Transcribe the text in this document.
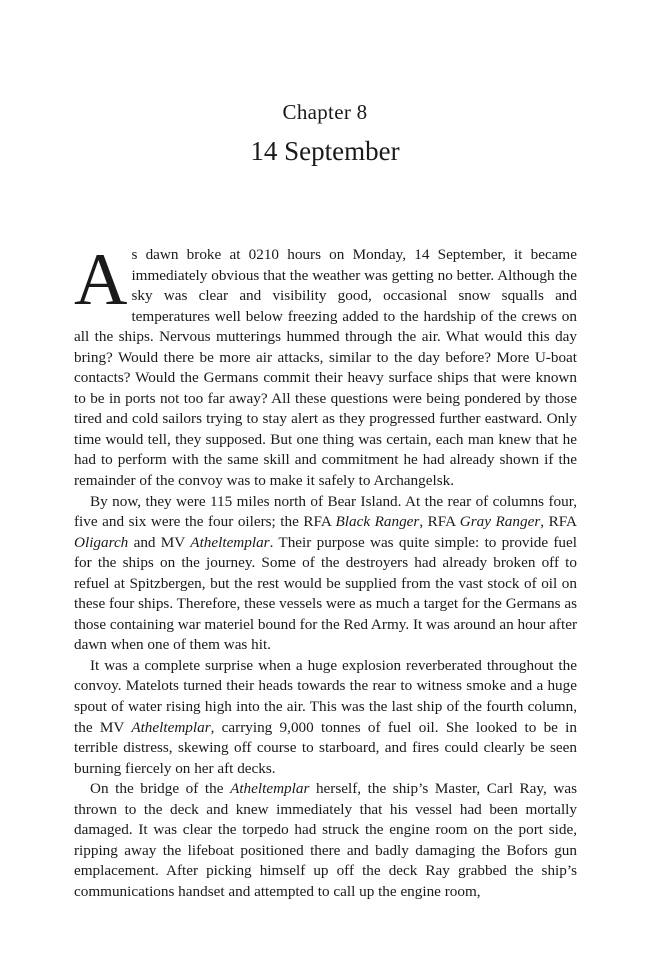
Chapter 8
14 September

As dawn broke at 0210 hours on Monday, 14 September, it became immediately obvious that the weather was getting no better. Although the sky was clear and visibility good, occasional snow squalls and temperatures well below freezing added to the hardship of the crews on all the ships. Nervous mutterings hummed through the air. What would this day bring? Would there be more air attacks, similar to the day before? More U-boat contacts? Would the Germans commit their heavy surface ships that were known to be in ports not too far away? All these questions were being pondered by those tired and cold sailors trying to stay alert as they progressed further eastward. Only time would tell, they supposed. But one thing was certain, each man knew that he had to perform with the same skill and commitment he had already shown if the remainder of the convoy was to make it safely to Archangelsk.

By now, they were 115 miles north of Bear Island. At the rear of columns four, five and six were the four oilers; the RFA Black Ranger, RFA Gray Ranger, RFA Oligarch and MV Atheltemplar. Their purpose was quite simple: to provide fuel for the ships on the journey. Some of the destroyers had already broken off to refuel at Spitzbergen, but the rest would be supplied from the vast stock of oil on these four ships. Therefore, these vessels were as much a target for the Germans as those containing war materiel bound for the Red Army. It was around an hour after dawn when one of them was hit.

It was a complete surprise when a huge explosion reverberated throughout the convoy. Matelots turned their heads towards the rear to witness smoke and a huge spout of water rising high into the air. This was the last ship of the fourth column, the MV Atheltemplar, carrying 9,000 tonnes of fuel oil. She looked to be in terrible distress, skewing off course to starboard, and fires could clearly be seen burning fiercely on her aft decks.

On the bridge of the Atheltemplar herself, the ship’s Master, Carl Ray, was thrown to the deck and knew immediately that his vessel had been mortally damaged. It was clear the torpedo had struck the engine room on the port side, ripping away the lifeboat positioned there and badly damaging the Bofors gun emplacement. After picking himself up off the deck Ray grabbed the ship’s communications handset and attempted to call up the engine room,
